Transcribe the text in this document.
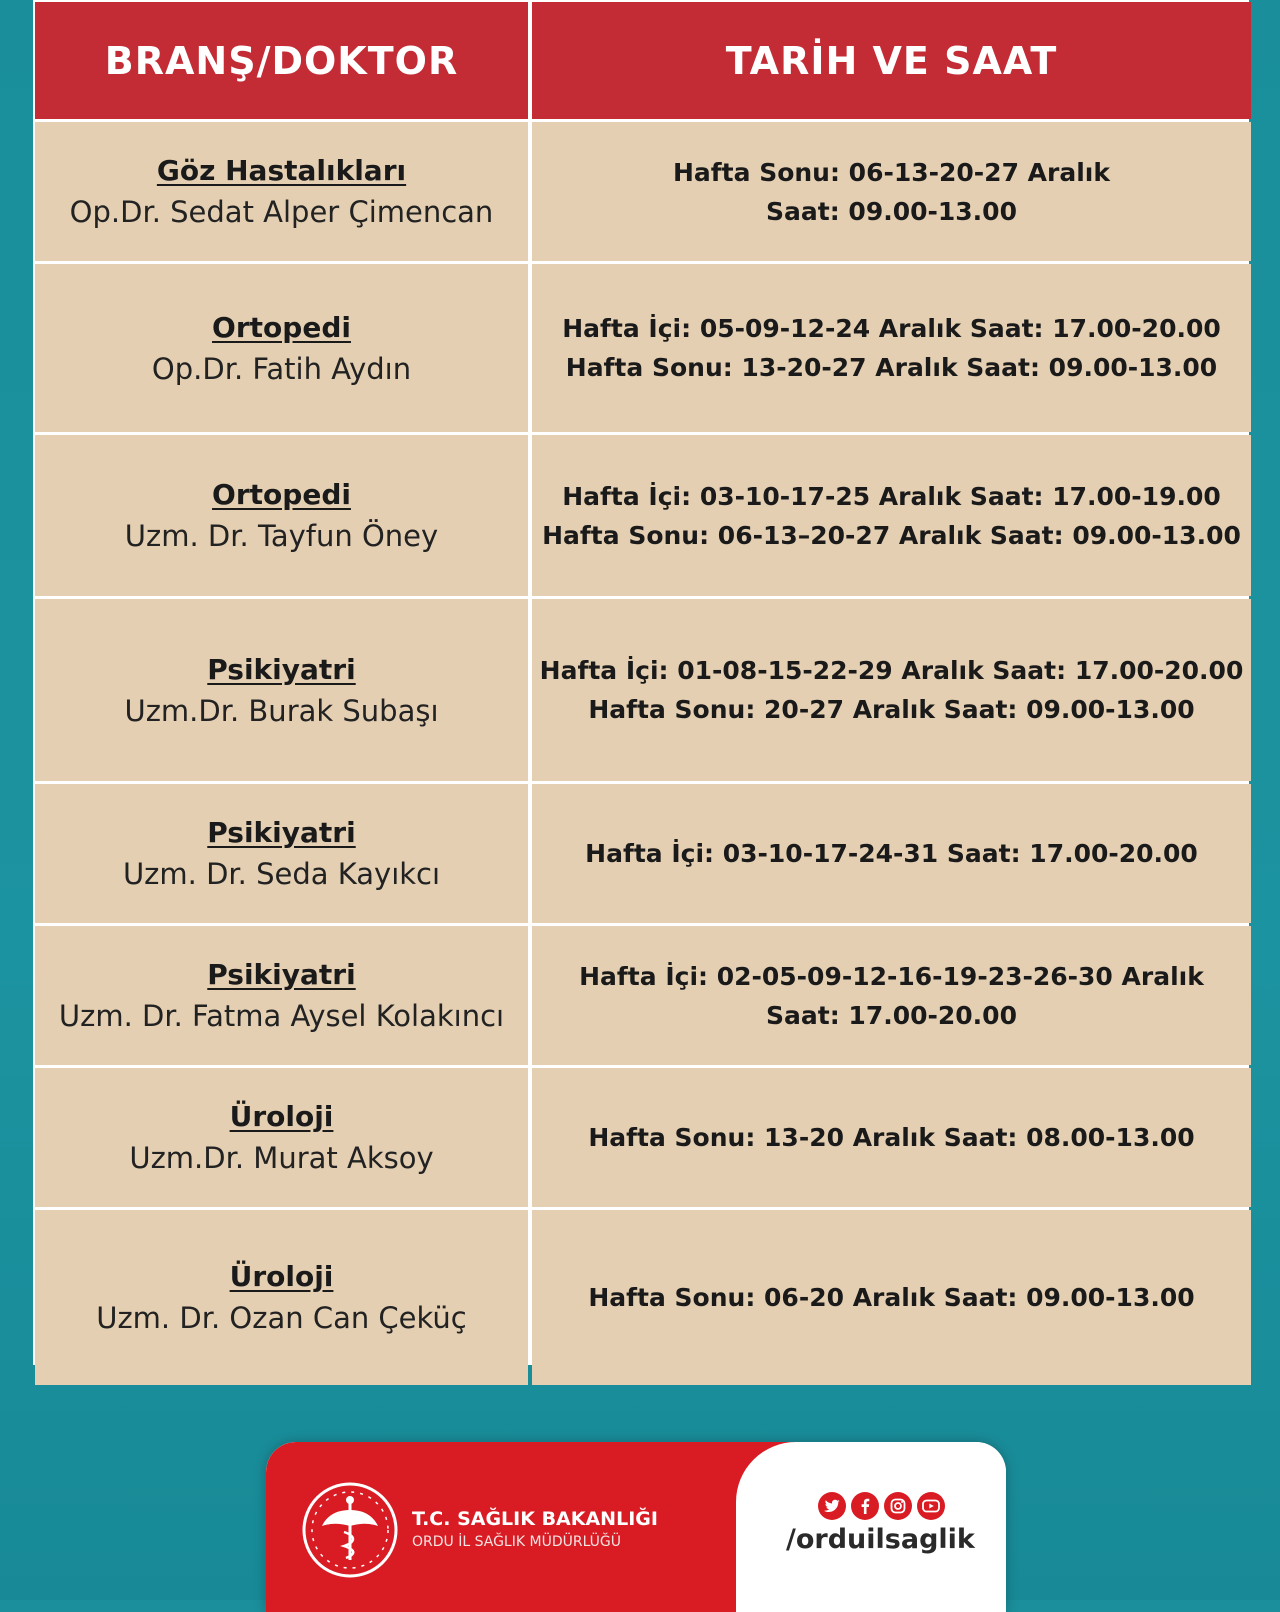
BRANŞ/DOKTOR	TARİH VE SAAT
Göz Hastalıkları
Op.Dr. Sedat Alper Çimencan
Hafta Sonu: 06-13-20-27 Aralık
Saat: 09.00-13.00
Ortopedi
Op.Dr. Fatih Aydın
Hafta İçi: 05-09-12-24 Aralık Saat: 17.00-20.00
Hafta Sonu: 13-20-27 Aralık Saat: 09.00-13.00
Ortopedi
Uzm. Dr. Tayfun Öney
Hafta İçi: 03-10-17-25 Aralık Saat: 17.00-19.00
Hafta Sonu: 06-13–20-27 Aralık Saat: 09.00-13.00
Psikiyatri
Uzm.Dr. Burak Subaşı
Hafta İçi: 01-08-15-22-29 Aralık Saat: 17.00-20.00
Hafta Sonu: 20-27 Aralık Saat: 09.00-13.00
Psikiyatri
Uzm. Dr. Seda Kayıkcı
Hafta İçi: 03-10-17-24-31 Saat: 17.00-20.00
Psikiyatri
Uzm. Dr. Fatma Aysel Kolakıncı
Hafta İçi: 02-05-09-12-16-19-23-26-30 Aralık
Saat: 17.00-20.00
Üroloji
Uzm.Dr. Murat Aksoy
Hafta Sonu: 13-20 Aralık Saat: 08.00-13.00
Üroloji
Uzm. Dr. Ozan Can Çeküç
Hafta Sonu: 06-20 Aralık Saat: 09.00-13.00
T.C. SAĞLIK BAKANLIĞI
ORDU İL SAĞLIK MÜDÜRLÜĞÜ	/orduilsaglik
